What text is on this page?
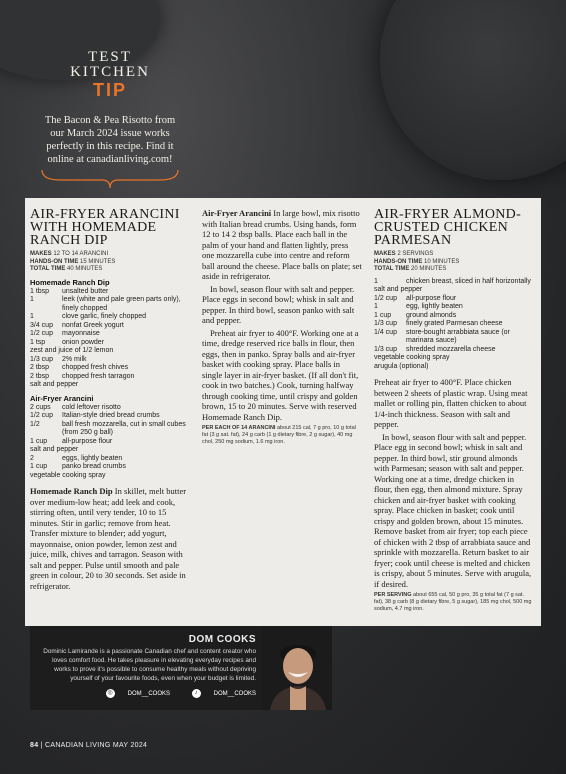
TEST
KITCHEN
TIP
The Bacon & Pea Risotto from our March 2024 issue works perfectly in this recipe. Find it online at canadianliving.com!
AIR-FRYER ARANCINI WITH HOMEMADE RANCH DIP
MAKES 12 TO 14 ARANCINI
HANDS-ON TIME 15 MINUTES
TOTAL TIME 40 MINUTES
Homemade Ranch Dip
1 tbsp	unsalted butter
1	leek (white and pale green parts only), finely chopped
1	clove garlic, finely chopped
3/4 cup	nonfat Greek yogurt
1/2 cup	mayonnaise
1 tsp	onion powder
zest and juice of 1/2 lemon
1/3 cup	2% milk
2 tbsp	chopped fresh chives
2 tbsp	chopped fresh tarragon
salt and pepper
Air-Fryer Arancini
2 cups	cold leftover risotto
1/2 cup	Italian-style dried bread crumbs
1/2	ball fresh mozzarella, cut in small cubes (from 250 g ball)
1 cup	all-purpose flour
salt and pepper
2	eggs, lightly beaten
1 cup	panko bread crumbs
vegetable cooking spray

Homemade Ranch Dip In skillet, melt butter over medium-low heat; add leek and cook, stirring often, until very tender, 10 to 15 minutes. Stir in garlic; remove from heat. Transfer mixture to blender; add yogurt, mayonnaise, onion powder, lemon zest and juice, milk, chives and tarragon. Season with salt and pepper. Pulse until smooth and pale green in colour, 20 to 30 seconds. Set aside in refrigerator.

Air-Fryer Arancini In large bowl, mix risotto with Italian bread crumbs. Using hands, form 12 to 14 2 tbsp balls. Place each ball in the palm of your hand and flatten lightly, press one mozzarella cube into centre and reform ball around the cheese. Place balls on plate; set aside in refrigerator.

In bowl, season flour with salt and pepper. Place eggs in second bowl; whisk in salt and pepper. In third bowl, season panko with salt and pepper.

Preheat air fryer to 400°F. Working one at a time, dredge reserved rice balls in flour, then eggs, then in panko. Spray balls and air-fryer basket with cooking spray. Place balls in single layer in air-fryer basket. (If all don't fit, cook in two batches.) Cook, turning halfway through cooking time, until crispy and golden brown, 15 to 20 minutes. Serve with reserved Homemade Ranch Dip.

PER EACH OF 14 ARANCINI about 215 cal, 7 g pro, 10 g total fat (3 g sat. fat), 24 g carb (1 g dietary fibre, 2 g sugar), 40 mg chol, 250 mg sodium, 1.6 mg iron.
AIR-FRYER ALMOND-CRUSTED CHICKEN PARMESAN
MAKES 2 SERVINGS
HANDS-ON TIME 10 MINUTES
TOTAL TIME 20 MINUTES
1	chicken breast, sliced in half horizontally
salt and pepper
1/2 cup	all-purpose flour
1	egg, lightly beaten
1 cup	ground almonds
1/3 cup	finely grated Parmesan cheese
1/4 cup	store-bought arrabbiata sauce (or marinara sauce)
1/3 cup	shredded mozzarella cheese
vegetable cooking spray
arugula (optional)

Preheat air fryer to 400°F. Place chicken between 2 sheets of plastic wrap. Using meat mallet or rolling pin, flatten chicken to about 1/4-inch thickness. Season with salt and pepper.

In bowl, season flour with salt and pepper. Place egg in second bowl; whisk in salt and pepper. In third bowl, stir ground almonds with Parmesan; season with salt and pepper. Working one at a time, dredge chicken in flour, then egg, then almond mixture. Spray chicken and air-fryer basket with cooking spray. Place chicken in basket; cook until crispy and golden brown, about 15 minutes. Remove basket from air fryer; top each piece of chicken with 2 tbsp of arrabbiata sauce and sprinkle with mozzarella. Return basket to air fryer; cook until cheese is melted and chicken is crispy, about 5 minutes. Serve with arugula, if desired.

PER SERVING about 655 cal, 50 g pro, 35 g total fat (7 g sat. fat), 38 g carb (8 g dietary fibre, 5 g sugar), 185 mg chol, 500 mg sodium, 4.7 mg iron.
DOM COOKS
Dominic Lamirande is a passionate Canadian chef and content creator who loves comfort food. He takes pleasure in elevating everyday recipes and works to prove it's possible to consume healthy meals without depriving yourself of your favourite foods, even when your budget is limited.
◎ DOM__COOKS	♪	DOM__COOKS
84 | CANADIAN LIVING MAY 2024
